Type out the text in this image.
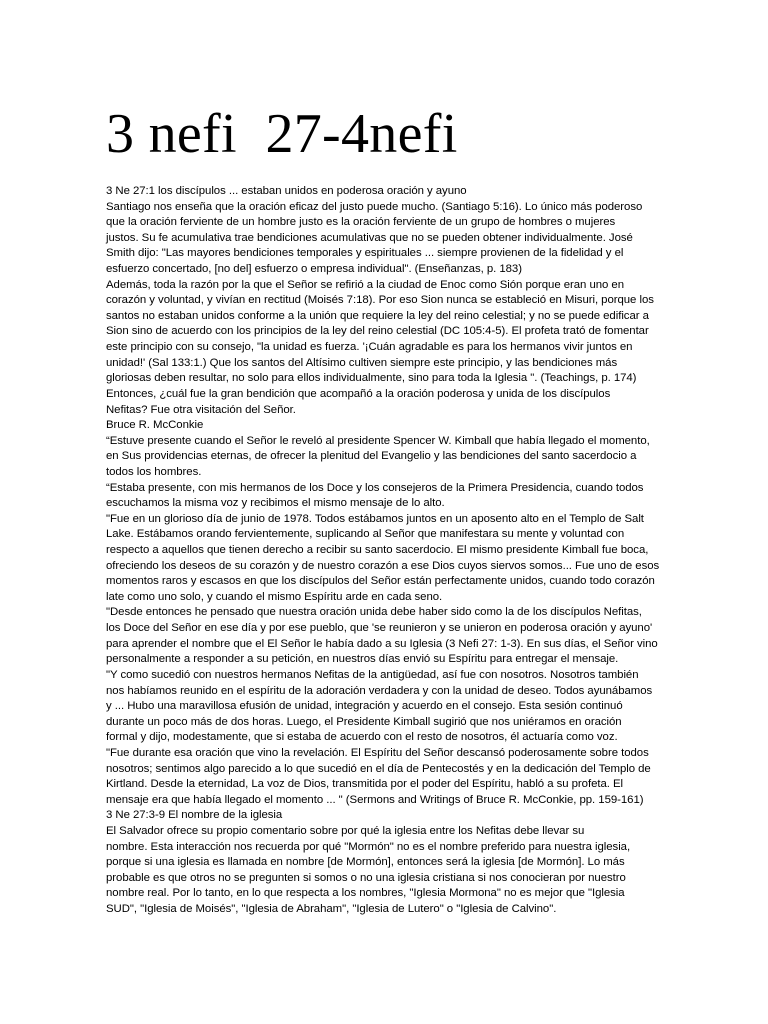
3 nefi  27-4nefi
3 Ne 27:1 los discípulos ... estaban unidos en poderosa oración y ayuno
Santiago nos enseña que la oración eficaz del justo puede mucho. (Santiago 5:16). Lo único más poderoso
que la oración ferviente de un hombre justo es la oración ferviente de un grupo de hombres o mujeres
justos. Su fe acumulativa trae bendiciones acumulativas que no se pueden obtener individualmente. José
Smith dijo: "Las mayores bendiciones temporales y espirituales ... siempre provienen de la fidelidad y el
esfuerzo concertado, [no del] esfuerzo o empresa individual". (Enseñanzas, p. 183)
Además, toda la razón por la que el Señor se refirió a la ciudad de Enoc como Sión porque eran uno en
corazón y voluntad, y vivían en rectitud (Moisés 7:18). Por eso Sion nunca se estableció en Misuri, porque los
santos no estaban unidos conforme a la unión que requiere la ley del reino celestial; y no se puede edificar a
Sion sino de acuerdo con los principios de la ley del reino celestial (DC 105:4-5). El profeta trató de fomentar
este principio con su consejo, "la unidad es fuerza. '¡Cuán agradable es para los hermanos vivir juntos en
unidad!' (Sal 133:1.) Que los santos del Altísimo cultiven siempre este principio, y las bendiciones más
gloriosas deben resultar, no solo para ellos individualmente, sino para toda la Iglesia ". (Teachings, p. 174)
Entonces, ¿cuál fue la gran bendición que acompañó a la oración poderosa y unida de los discípulos
Nefitas? Fue otra visitación del Señor.
Bruce R. McConkie
“Estuve presente cuando el Señor le reveló al presidente Spencer W. Kimball que había llegado el momento,
en Sus providencias eternas, de ofrecer la plenitud del Evangelio y las bendiciones del santo sacerdocio a
todos los hombres.
“Estaba presente, con mis hermanos de los Doce y los consejeros de la Primera Presidencia, cuando todos
escuchamos la misma voz y recibimos el mismo mensaje de lo alto.
"Fue en un glorioso día de junio de 1978. Todos estábamos juntos en un aposento alto en el Templo de Salt
Lake. Estábamos orando fervientemente, suplicando al Señor que manifestara su mente y voluntad con
respecto a aquellos que tienen derecho a recibir su santo sacerdocio. El mismo presidente Kimball fue boca,
ofreciendo los deseos de su corazón y de nuestro corazón a ese Dios cuyos siervos somos... Fue uno de esos
momentos raros y escasos en que los discípulos del Señor están perfectamente unidos, cuando todo corazón
late como uno solo, y cuando el mismo Espíritu arde en cada seno.
"Desde entonces he pensado que nuestra oración unida debe haber sido como la de los discípulos Nefitas,
los Doce del Señor en ese día y por ese pueblo, que 'se reunieron y se unieron en poderosa oración y ayuno'
para aprender el nombre que el El Señor le había dado a su Iglesia (3 Nefi 27: 1-3). En sus días, el Señor vino
personalmente a responder a su petición, en nuestros días envió su Espíritu para entregar el mensaje.
"Y como sucedió con nuestros hermanos Nefitas de la antigüedad, así fue con nosotros. Nosotros también
nos habíamos reunido en el espíritu de la adoración verdadera y con la unidad de deseo. Todos ayunábamos
y ... Hubo una maravillosa efusión de unidad, integración y acuerdo en el consejo. Esta sesión continuó
durante un poco más de dos horas. Luego, el Presidente Kimball sugirió que nos uniéramos en oración
formal y dijo, modestamente, que si estaba de acuerdo con el resto de nosotros, él actuaría como voz.
"Fue durante esa oración que vino la revelación. El Espíritu del Señor descansó poderosamente sobre todos
nosotros; sentimos algo parecido a lo que sucedió en el día de Pentecostés y en la dedicación del Templo de
Kirtland. Desde la eternidad, La voz de Dios, transmitida por el poder del Espíritu, habló a su profeta. El
mensaje era que había llegado el momento ... " (Sermons and Writings of Bruce R. McConkie, pp. 159-161)
3 Ne 27:3-9 El nombre de la iglesia
El Salvador ofrece su propio comentario sobre por qué la iglesia entre los Nefitas debe llevar su
nombre. Esta interacción nos recuerda por qué "Mormón" no es el nombre preferido para nuestra iglesia,
porque si una iglesia es llamada en nombre [de Mormón], entonces será la iglesia [de Mormón]. Lo más
probable es que otros no se pregunten si somos o no una iglesia cristiana si nos conocieran por nuestro
nombre real. Por lo tanto, en lo que respecta a los nombres, "Iglesia Mormona" no es mejor que "Iglesia
SUD", "Iglesia de Moisés", "Iglesia de Abraham", "Iglesia de Lutero" o "Iglesia de Calvino".
